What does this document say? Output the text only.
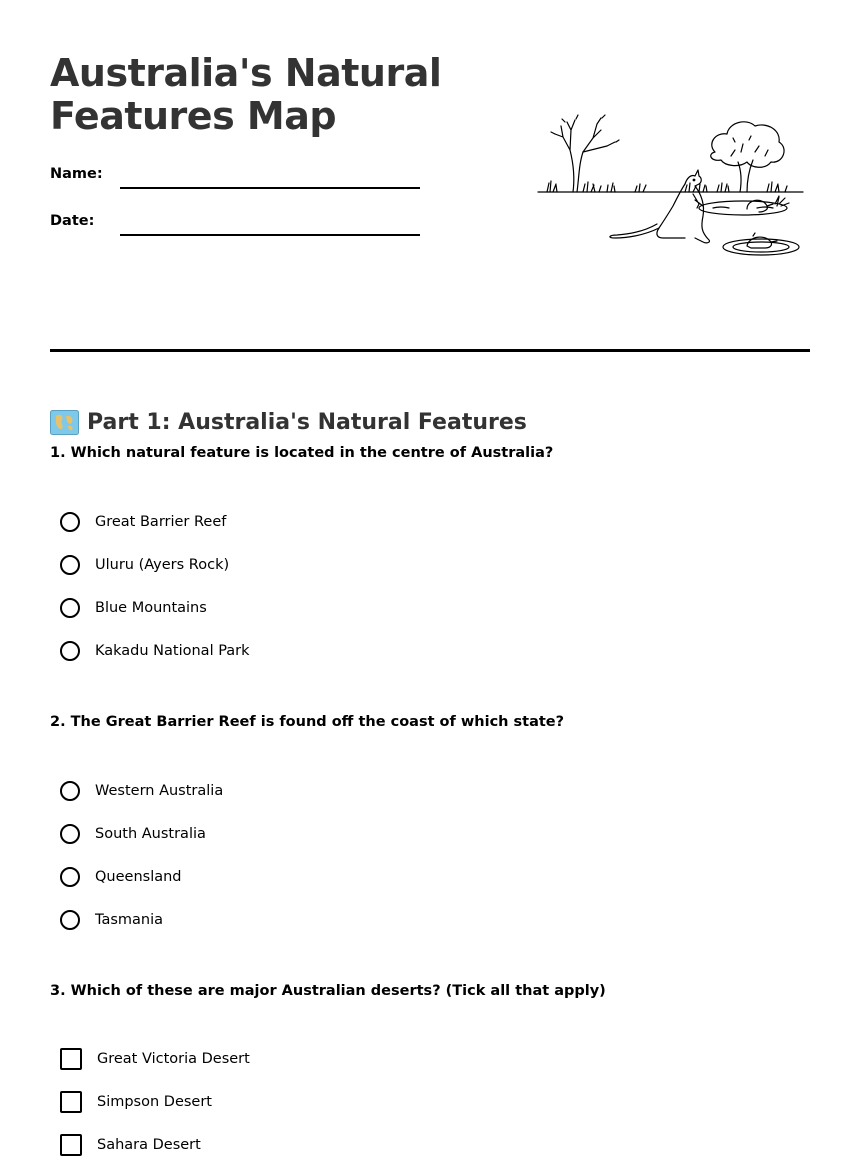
Australia's Natural Features Map
Name:
Date:
Part 1: Australia's Natural Features

1. Which natural feature is located in the centre of Australia?

Great Barrier Reef
Uluru (Ayers Rock)
Blue Mountains
Kakadu National Park

2. The Great Barrier Reef is found off the coast of which state?

Western Australia
South Australia
Queensland
Tasmania

3. Which of these are major Australian deserts? (Tick all that apply)

Great Victoria Desert
Simpson Desert
Sahara Desert
